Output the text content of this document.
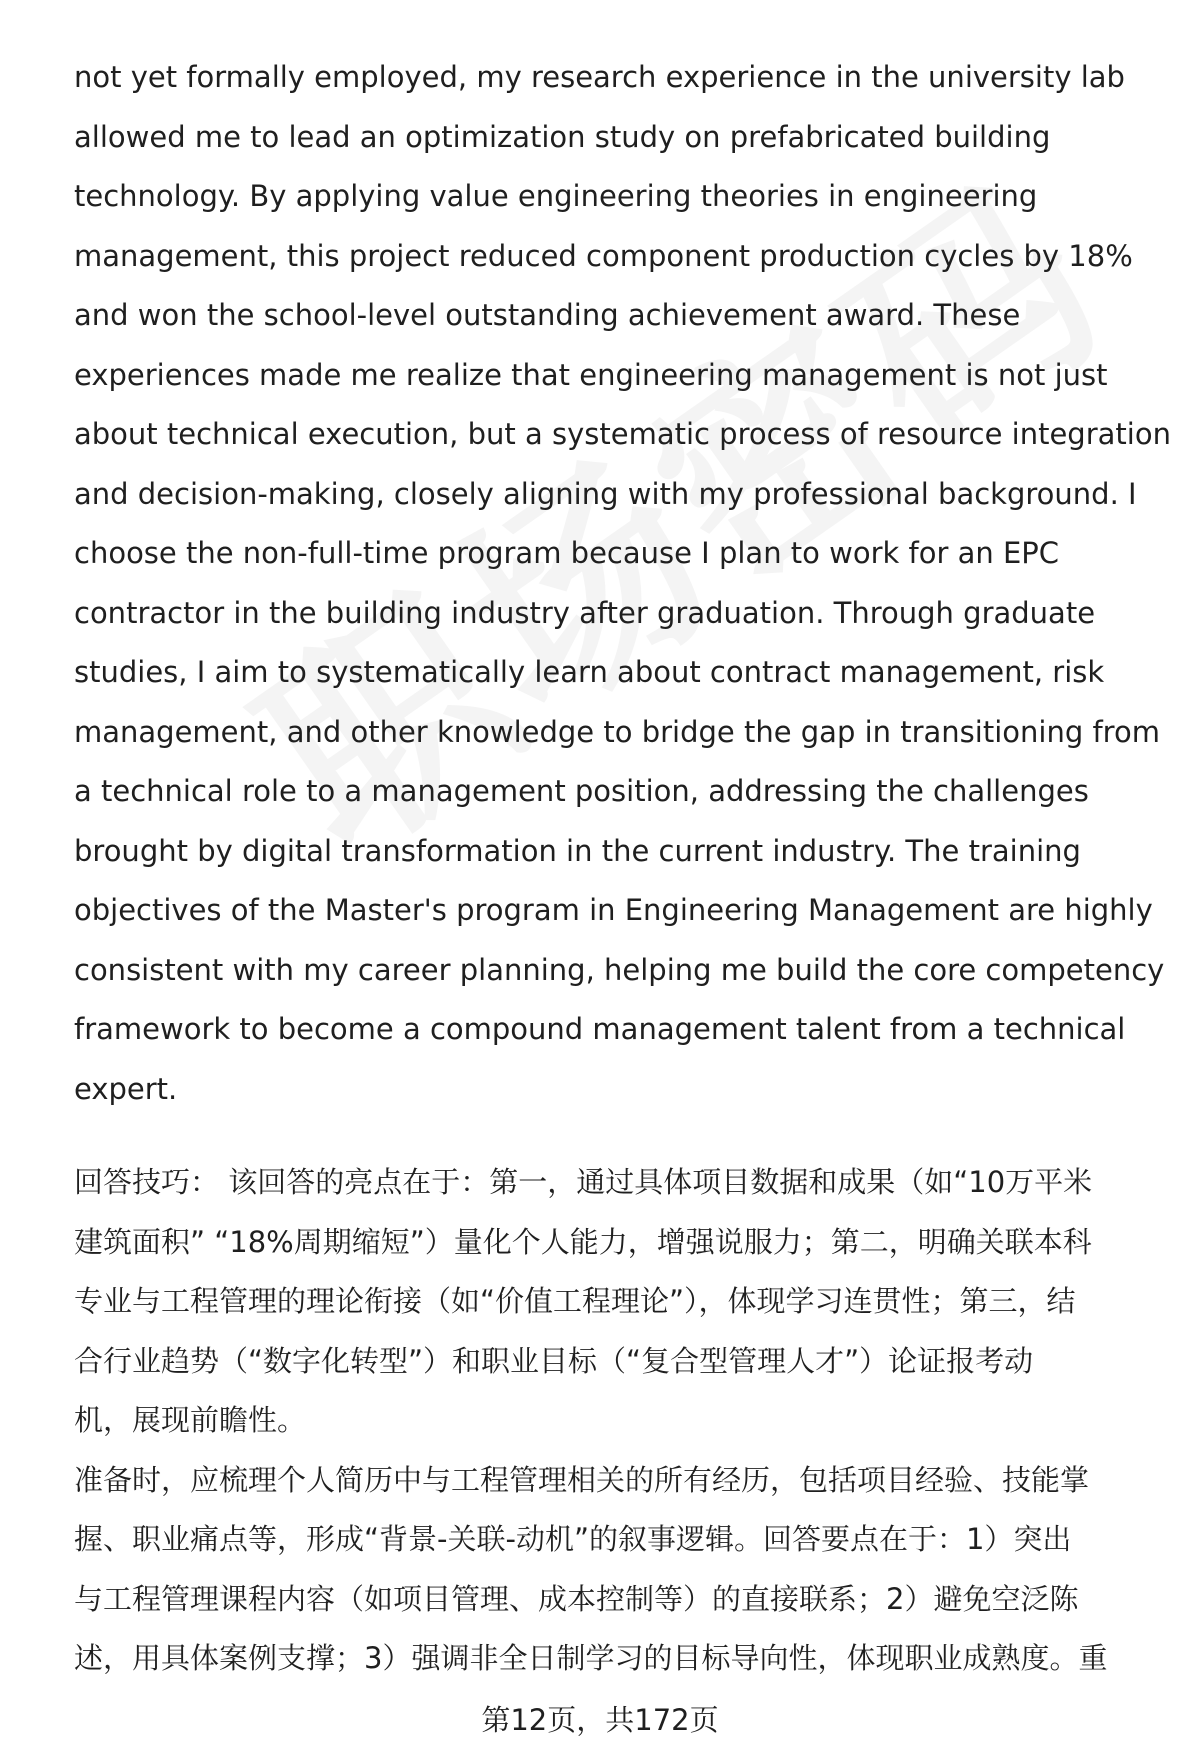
not yet formally employed, my research experience in the university lab
allowed me to lead an optimization study on prefabricated building
technology. By applying value engineering theories in engineering
management, this project reduced component production cycles by 18%
and won the school-level outstanding achievement award. These
experiences made me realize that engineering management is not just
about technical execution, but a systematic process of resource integration
and decision-making, closely aligning with my professional background. I
choose the non-full-time program because I plan to work for an EPC
contractor in the building industry after graduation. Through graduate
studies, I aim to systematically learn about contract management, risk
management, and other knowledge to bridge the gap in transitioning from
a technical role to a management position, addressing the challenges
brought by digital transformation in the current industry. The training
objectives of the Master's program in Engineering Management are highly
consistent with my career planning, helping me build the core competency
framework to become a compound management talent from a technical
expert.
回答技巧： 该回答的亮点在于：第一，通过具体项目数据和成果（如“10万平米
建筑面积” “18%周期缩短”）量化个人能力，增强说服力；第二，明确关联本科
专业与工程管理的理论衔接（如“价值工程理论”），体现学习连贯性；第三，结
合行业趋势（“数字化转型”）和职业目标（“复合型管理人才”）论证报考动
机，展现前瞻性。
准备时，应梳理个人简历中与工程管理相关的所有经历，包括项目经验、技能掌
握、职业痛点等，形成“背景-关联-动机”的叙事逻辑。回答要点在于：1）突出
与工程管理课程内容（如项目管理、成本控制等）的直接联系；2）避免空泛陈
述，用具体案例支撑；3）强调非全日制学习的目标导向性，体现职业成熟度。重
第12页，共172页
